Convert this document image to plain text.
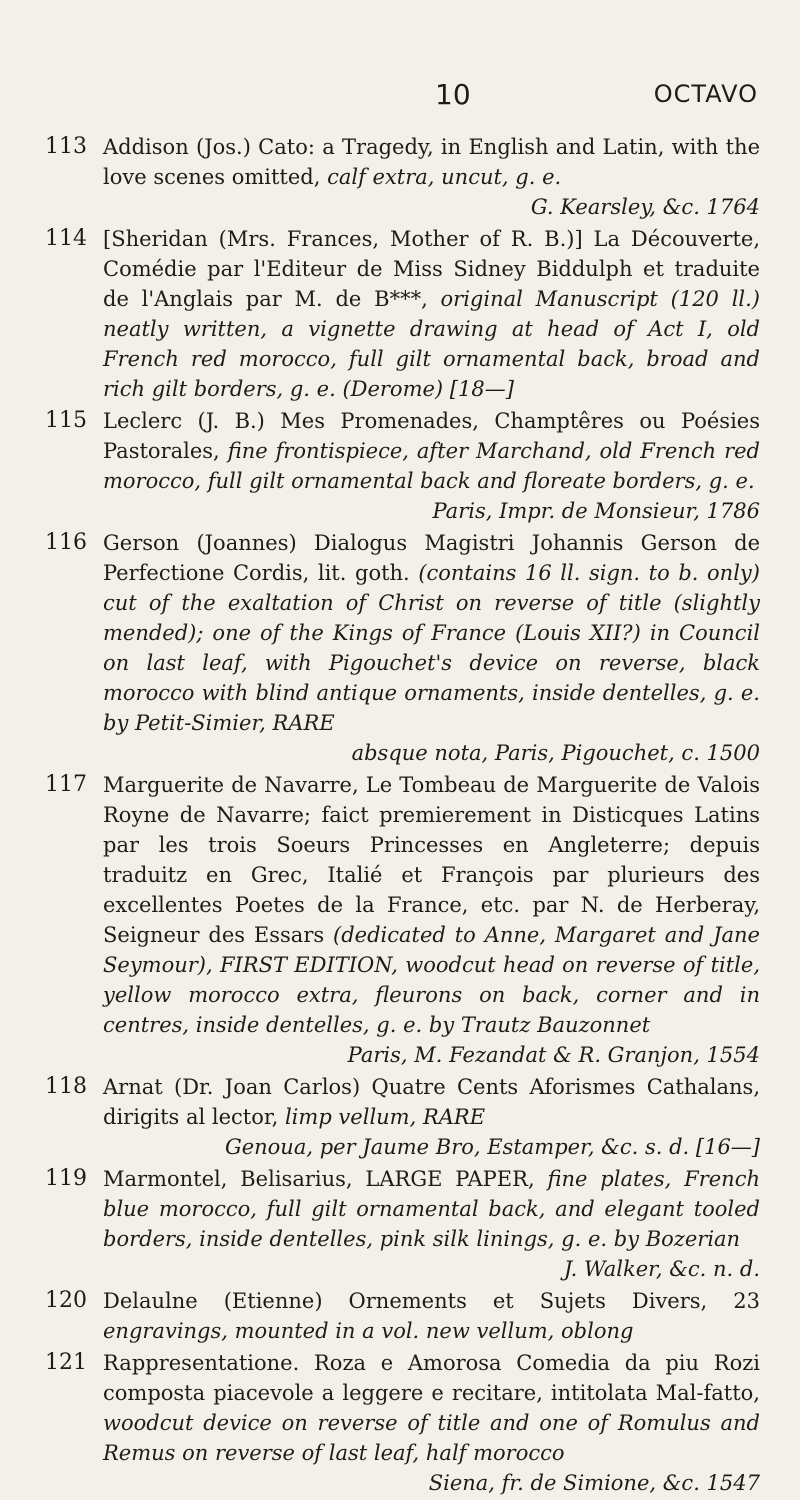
10	OCTAVO
113 Addison (Jos.) Cato: a Tragedy, in English and Latin, with the love scenes omitted, calf extra, uncut, g. e.
G. Kearsley, &c. 1764
114 [Sheridan (Mrs. Frances, Mother of R. B.)] La Découverte, Comédie par l'Editeur de Miss Sidney Biddulph et traduite de l'Anglais par M. de B***, original Manuscript (120 ll.) neatly written, a vignette drawing at head of Act I, old French red morocco, full gilt ornamental back, broad and rich gilt borders, g. e. (Derome) [18—]
115 Leclerc (J. B.) Mes Promenades, Champtêres ou Poésies Pastorales, fine frontispiece, after Marchand, old French red morocco, full gilt ornamental back and floreate borders, g. e.
Paris, Impr. de Monsieur, 1786
116 Gerson (Joannes) Dialogus Magistri Johannis Gerson de Perfectione Cordis, lit. goth. (contains 16 ll. sign. to b. only) cut of the exaltation of Christ on reverse of title (slightly mended); one of the Kings of France (Louis XII?) in Council on last leaf, with Pigouchet's device on reverse, black morocco with blind antique ornaments, inside dentelles, g. e. by Petit-Simier, RARE
absque nota, Paris, Pigouchet, c. 1500
117 Marguerite de Navarre, Le Tombeau de Marguerite de Valois Royne de Navarre; faict premierement in Disticques Latins par les trois Soeurs Princesses en Angleterre; depuis traduitz en Grec, Italié et François par plurieurs des excellentes Poetes de la France, etc. par N. de Herberay, Seigneur des Essars (dedicated to Anne, Margaret and Jane Seymour), FIRST EDITION, woodcut head on reverse of title, yellow morocco extra, fleurons on back, corner and in centres, inside dentelles, g. e. by Trautz Bauzonnet
Paris, M. Fezandat & R. Granjon, 1554
118 Arnat (Dr. Joan Carlos) Quatre Cents Aforismes Cathalans, dirigits al lector, limp vellum, RARE
Genoua, per Jaume Bro, Estamper, &c. s. d. [16—]
119 Marmontel, Belisarius, LARGE PAPER, fine plates, French blue morocco, full gilt ornamental back, and elegant tooled borders, inside dentelles, pink silk linings, g. e. by Bozerian
J. Walker, &c. n. d.
120 Delaulne (Etienne) Ornements et Sujets Divers, 23 engravings, mounted in a vol. new vellum, oblong
121 Rappresentatione. Roza e Amorosa Comedia da piu Rozi composta piacevole a leggere e recitare, intitolata Mal-fatto, woodcut device on reverse of title and one of Romulus and Remus on reverse of last leaf, half morocco
Siena, fr. de Simione, &c. 1547
